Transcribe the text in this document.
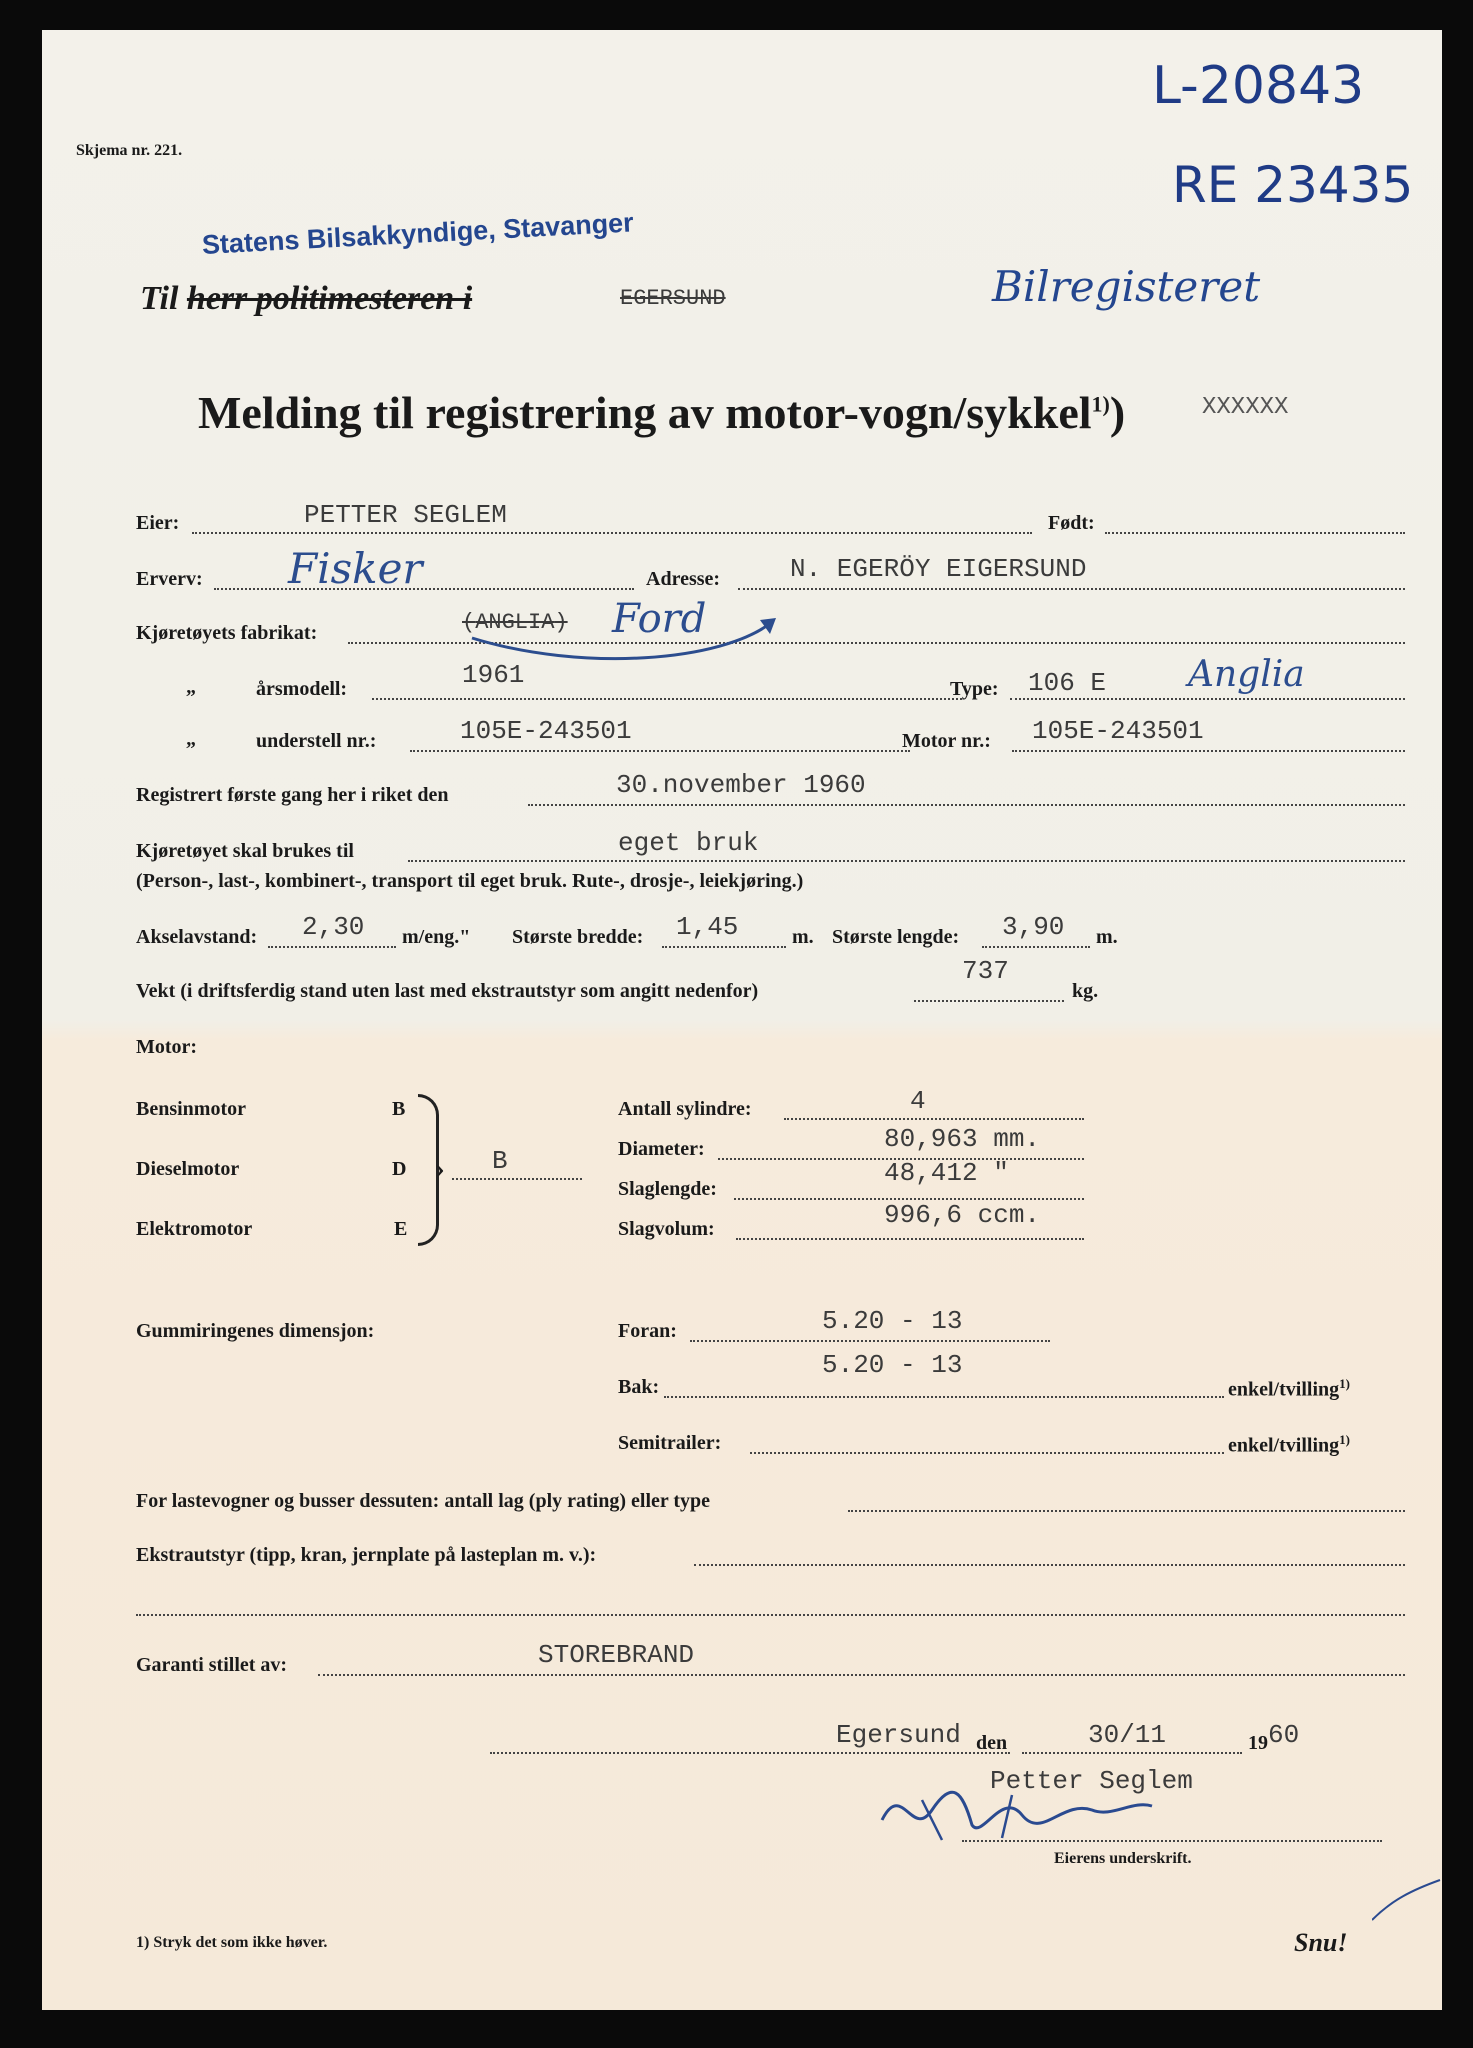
Skjema nr. 221.
L-20843
RE 23435
Statens Bilsakkyndige, Stavanger
Til herr politimesteren i	EGERSUND	Bilregisteret
Melding til registrering av motor-vogn/sykkel$^{1)}$)	XXXXXX
Eier:	PETTER SEGLEM	Født:
Erverv: Fisker	Adresse:	N. EGERÖY EIGERSUND
Kjøretøyets fabrikat:	(ANGLIA) Ford
„	årsmodell:	1961	Type: 106 E Anglia
„	understell nr.:	105E-243501	Motor nr.: 105E-243501
Registrert første gang her i riket den	30.november 1960
Kjøretøyet skal brukes til	eget bruk
(Person-, last-, kombinert-, transport til eget bruk. Rute-, drosje-, leiekjøring.)
Akselavstand: 2,30 m/eng." Største bredde: 1,45	m. Største lengde: 3,90 m.
Vekt (i driftsferdig stand uten last med ekstrautstyr som angitt nedenfor)
737
kg.
Motor:
Bensinmotor	B
Dieselmotor	D
Elektromotor	E
› B
Antall sylindre:	4
Diameter:	80,963 mm.
Slaglengde:
48,412 "
Slagvolum:	996,6 ccm.
Gummiringenes dimensjon:	Foran:	5.20 - 13
Bak:
5.20 - 13
enkel/tvilling$^{1)}$
Semitrailer:	enkel/tvilling$^{1)}$
For lastevogner og busser dessuten: antall lag (ply rating) eller type
Ekstrautstyr (tipp, kran, jernplate på lasteplan m. v.):
Garanti stillet av:	STOREBRAND
Egersund den	30/11	19 60
Petter Seglem
Eierens underskrift.
1) Stryk det som ikke høver.	Snu!
